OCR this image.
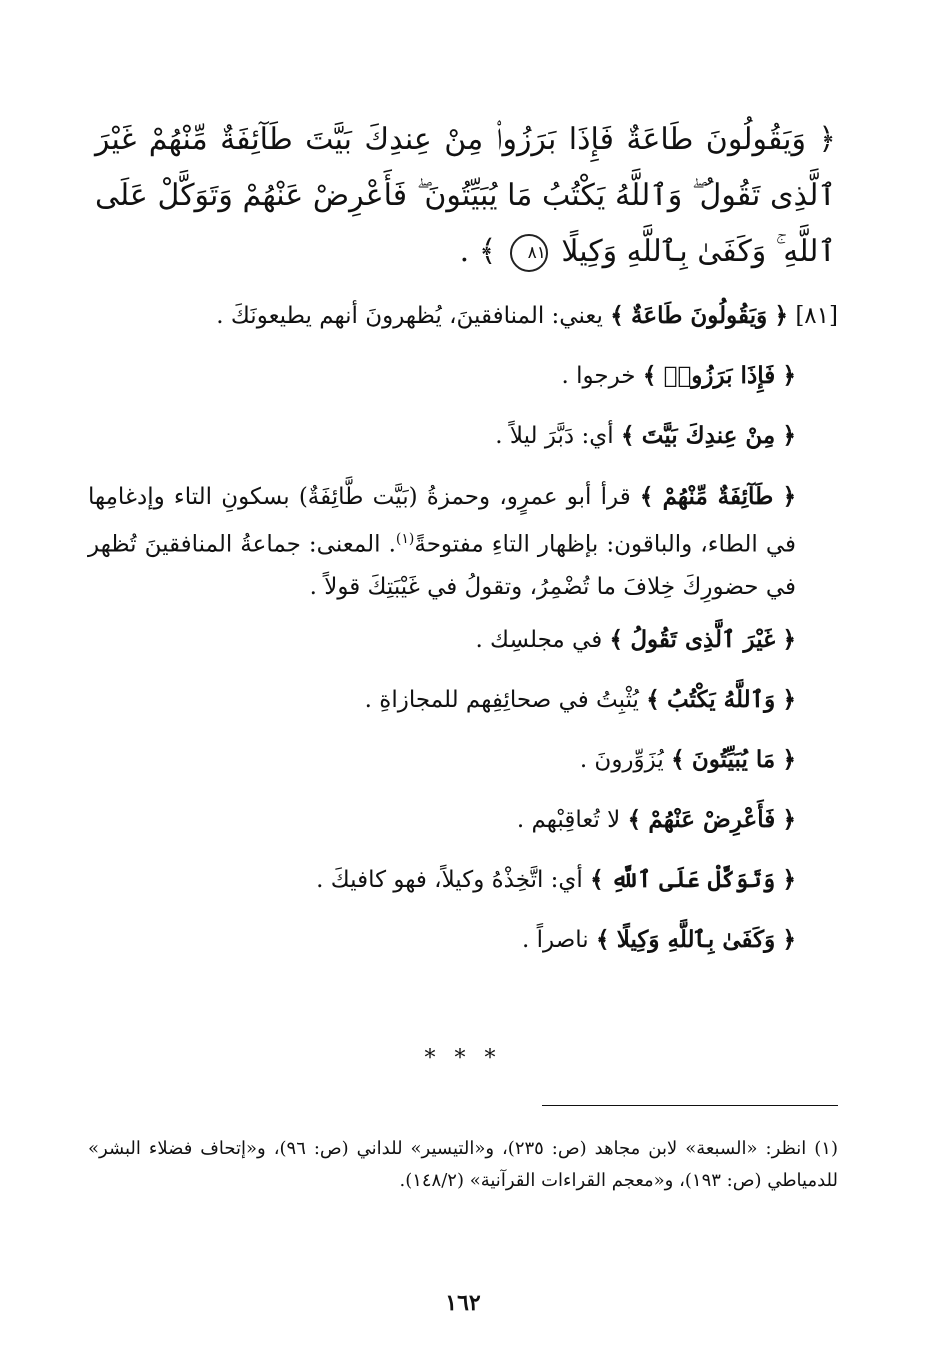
﴿ وَيَقُولُونَ طَاعَةٌ فَإِذَا بَرَزُوا۟ مِنْ عِندِكَ بَيَّتَ طَآئِفَةٌ مِّنْهُمْ غَيْرَ ٱلَّذِى تَقُولُ ۖ وَٱللَّهُ يَكْتُبُ مَا يُبَيِّتُونَ ۖ فَأَعْرِضْ عَنْهُمْ وَتَوَكَّلْ عَلَى ٱللَّهِ ۚ وَكَفَىٰ بِٱللَّهِ وَكِيلًا ٨١ ﴾ .
[٨١] ﴿ وَيَقُولُونَ طَاعَةٌ ﴾ يعني: المنافقينَ، يُظهرونَ أنهم يطيعونَكَ .
﴿ فَإِذَا بَرَزُوا۟ ﴾ خرجوا .
﴿ مِنْ عِندِكَ بَيَّتَ ﴾ أي: دَبَّرَ ليلاً .
﴿ طَآئِفَةٌ مِّنْهُمْ ﴾ قرأ أبو عمرٍو، وحمزةُ (بَيَّت طَّائِفَةٌ) بسكونِ التاء وإدغامِها في الطاء، والباقون: بإظهار التاءِ مفتوحةً$^{(١)}$. المعنى: جماعةُ المنافقينَ تُظهر في حضورِكَ خِلافَ ما تُضْمِرُ، وتقولُ في غَيْبَتِكَ قولاً .
﴿ غَيْرَ ٱلَّذِى تَقُولُ ﴾ في مجلسِك .
﴿ وَٱللَّهُ يَكْتُبُ ﴾ يُثْبِتُ في صحائِفِهم للمجازاةِ .
﴿ مَا يُبَيِّتُونَ ﴾ يُزَوِّرونَ .
﴿ فَأَعْرِضْ عَنْهُمْ ﴾ لا تُعاقِبْهم .
﴿ وَتَوَكَّلْ عَلَى ٱللَّهِ ﴾ أي: اتَّخِذْهُ وكيلاً، فهو كافيكَ .
﴿ وَكَفَىٰ بِٱللَّهِ وَكِيلًا ﴾ ناصراً .
* * *
(١) انظر: «السبعة» لابن مجاهد (ص: ٢٣٥)، و«التيسير» للداني (ص: ٩٦)، و«إتحاف فضلاء البشر» للدمياطي (ص: ١٩٣)، و«معجم القراءات القرآنية» (١٤٨/٢).
١٦٢
